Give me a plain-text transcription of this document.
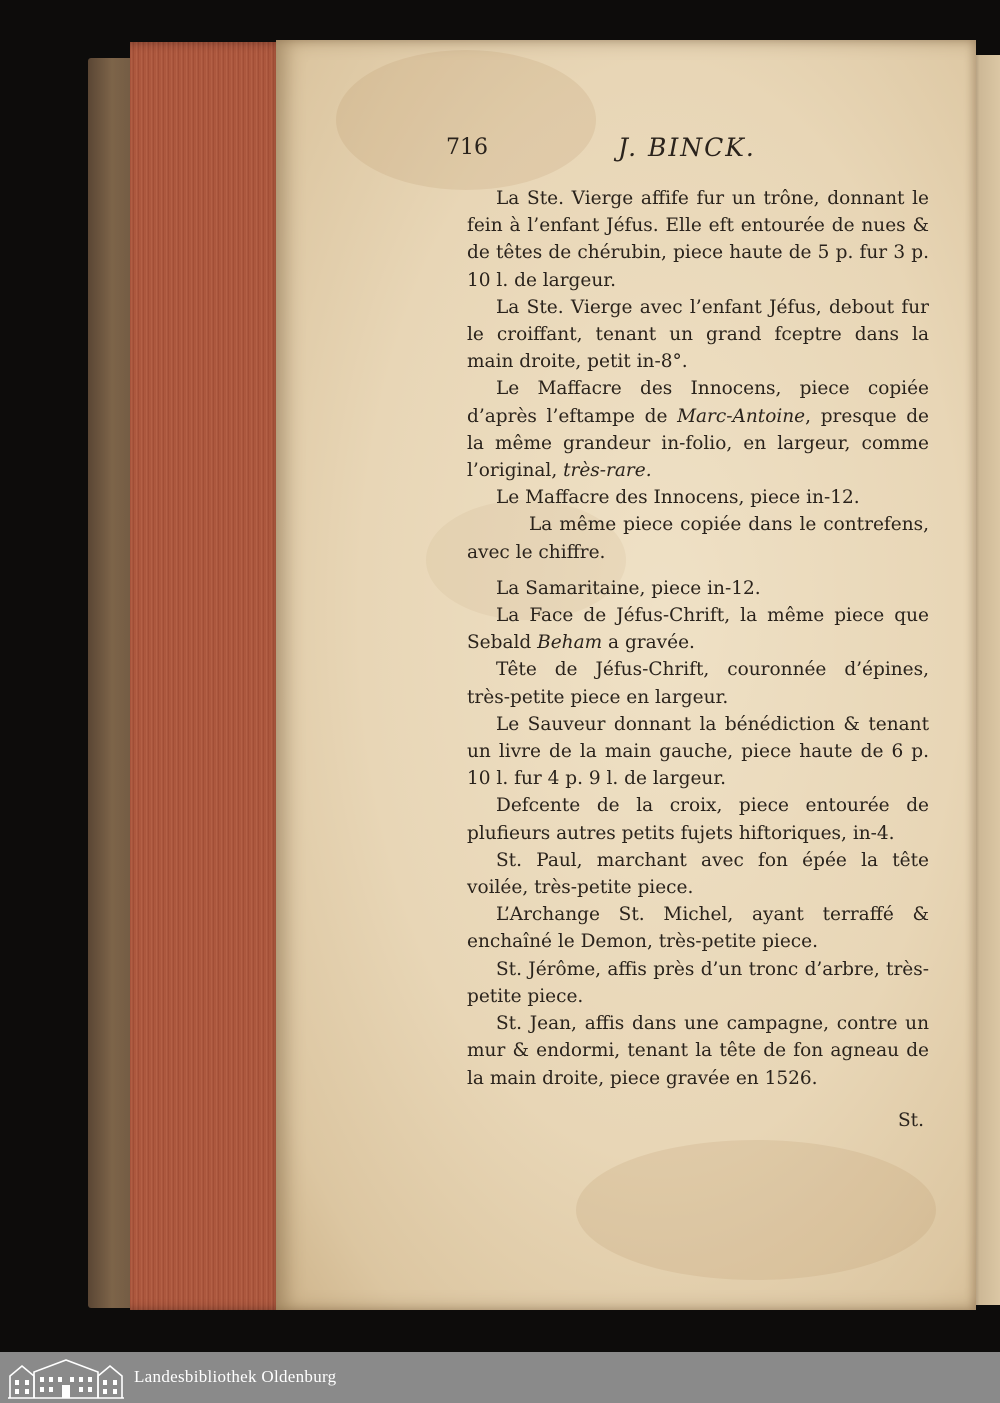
716	J. BINCK.

La Ste. Vierge affife fur un trône, donnant le fein à l’enfant Jéfus. Elle eft entourée de nues & de têtes de chérubin, piece haute de 5 p. fur 3 p. 10 l. de largeur.

La Ste. Vierge avec l’enfant Jéfus, debout fur le croiffant, tenant un grand fceptre dans la main droite, petit in-8°.

Le Maffacre des Innocens, piece copiée d’après l’eftampe de Marc-Antoine, presque de la même grandeur in-folio, en largeur, comme l’original, très-rare.

Le Maffacre des Innocens, piece in-12.

La même piece copiée dans le contrefens, avec le chiffre.

La Samaritaine, piece in-12.

La Face de Jéfus-Chrift, la même piece que Sebald Beham a gravée.

Tête de Jéfus-Chrift, couronnée d’épines, très-petite piece en largeur.

Le Sauveur donnant la bénédiction & tenant un livre de la main gauche, piece haute de 6 p. 10 l. fur 4 p. 9 l. de largeur.

Defcente de la croix, piece entourée de plufieurs autres petits fujets hiftoriques, in-4.

St. Paul, marchant avec fon épée la tête voilée, très-petite piece.

L’Archange St. Michel, ayant terraffé & enchaîné le Demon, très-petite piece.

St. Jérôme, affis près d’un tronc d’arbre, très-petite piece.

St. Jean, affis dans une campagne, contre un mur & endormi, tenant la tête de fon agneau de la main droite, piece gravée en 1526.

St.
Landesbibliothek Oldenburg
